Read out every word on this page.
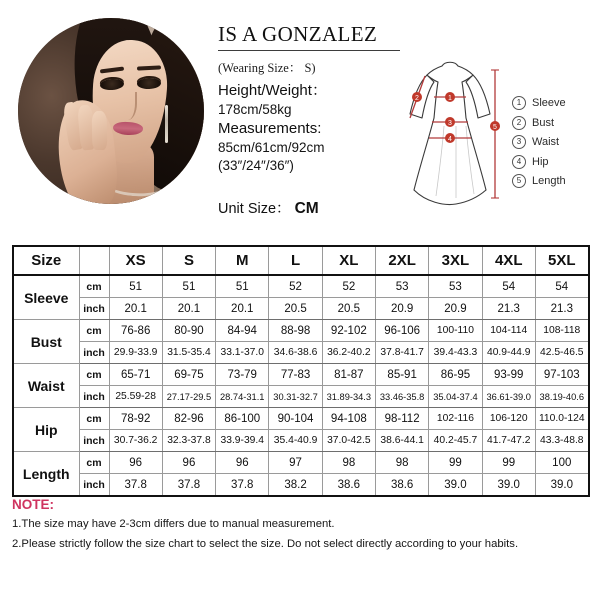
IS A GONZALEZ
(Wearing Size： S)
Height/Weight：
178cm/58kg
Measurements:
85cm/61cm/92cm
(33″/24″/36″)
Unit Size： CM
1
2
3
4
5
1 Sleeve
2 Bust
3 Waist
4 Hip
5 Length
Size		XS	S	M	L	XL	2XL	3XL	4XL	5XL
Sleeve	cm	51	51	51	52	52	53	53	54	54
	inch	20.1	20.1	20.1	20.5	20.5	20.9	20.9	21.3	21.3
Bust	cm	76-86	80-90	84-94	88-98	92-102	96-106	100-110	104-114	108-118
	inch	29.9-33.9	31.5-35.4	33.1-37.0	34.6-38.6	36.2-40.2	37.8-41.7	39.4-43.3	40.9-44.9	42.5-46.5
Waist	cm	65-71	69-75	73-79	77-83	81-87	85-91	86-95	93-99	97-103
	inch	25.59-28	27.17-29.5	28.74-31.1	30.31-32.7	31.89-34.3	33.46-35.8	35.04-37.4	36.61-39.0	38.19-40.6
Hip	cm	78-92	82-96	86-100	90-104	94-108	98-112	102-116	106-120	110.0-124
	inch	30.7-36.2	32.3-37.8	33.9-39.4	35.4-40.9	37.0-42.5	38.6-44.1	40.2-45.7	41.7-47.2	43.3-48.8
Length	cm	96	96	96	97	98	98	99	99	100
	inch	37.8	37.8	37.8	38.2	38.6	38.6	39.0	39.0	39.0
NOTE:
1.The size may have 2-3cm differs due to manual measurement.
2.Please strictly follow the size chart to select the size. Do not select directly according to your habits.
